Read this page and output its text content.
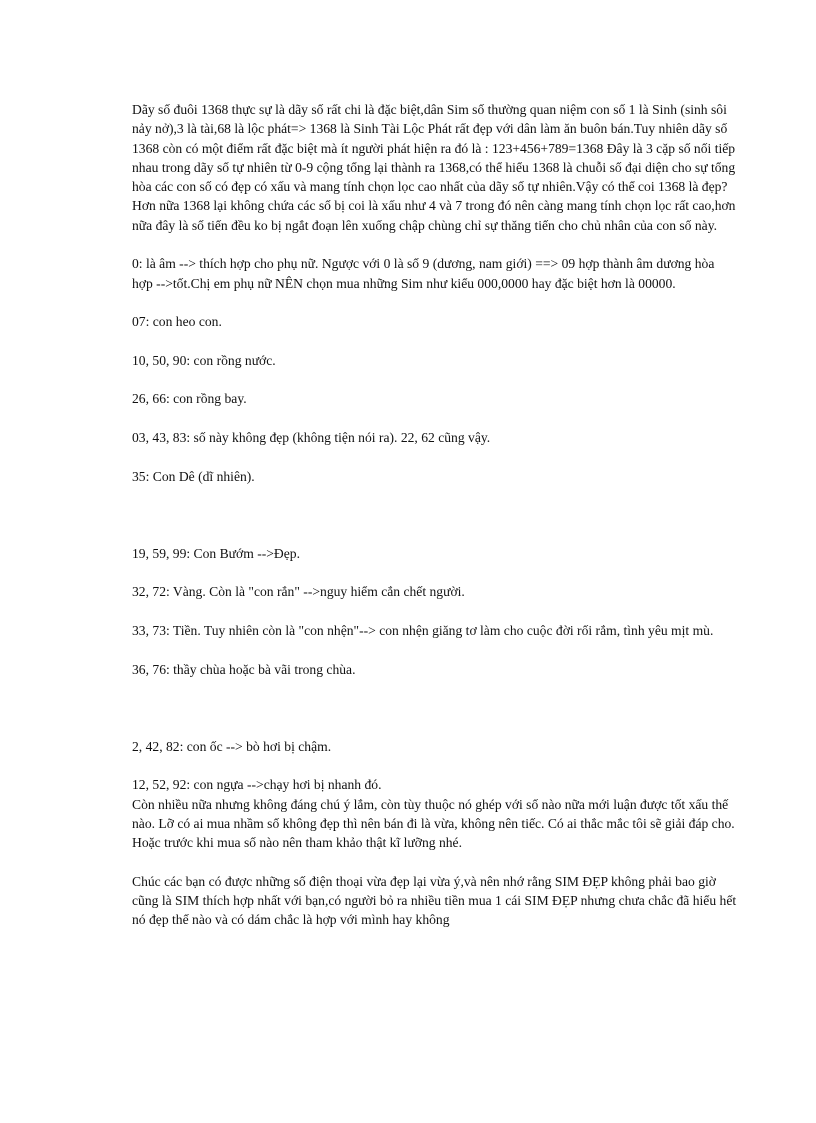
Dãy số đuôi 1368 thực sự là dãy số rất chi là đặc biệt,dân Sim số thường quan niệm con số 1 là Sinh (sinh sôi nảy nở),3 là tài,68 là lộc phát=> 1368 là Sinh Tài Lộc Phát rất đẹp với dân làm ăn buôn bán.Tuy nhiên dãy số 1368 còn có một điểm rất đặc biệt mà ít người phát hiện ra đó là : 123+456+789=1368 Đây là 3 cặp số nối tiếp nhau trong dãy số tự nhiên từ 0-9 cộng tổng lại thành ra 1368,có thể hiểu 1368 là chuỗi số đại diện cho sự tổng hòa các con số có đẹp có xấu và mang tính chọn lọc cao nhất của dãy số tự nhiên.Vậy có thể coi 1368 là đẹp? Hơn nữa 1368 lại không chứa các số bị coi là xấu như 4 và 7 trong đó nên càng mang tính chọn lọc rất cao,hơn nữa đây là số tiến đều ko bị ngắt đoạn lên xuống chập chùng chỉ sự thăng tiến cho chủ nhân của con số này.

0: là âm --> thích hợp cho phụ nữ. Ngược với 0 là số 9 (dương, nam giới) ==> 09 hợp thành âm dương hòa hợp -->tốt.Chị em phụ nữ NÊN chọn mua những Sim như kiểu 000,0000 hay đặc biệt hơn là 00000.

07: con heo con.

10, 50, 90: con rồng nước.

26, 66: con rồng bay.

03, 43, 83: số này không đẹp (không tiện nói ra). 22, 62 cũng vậy.

35: Con Dê (dĩ nhiên).

19, 59, 99: Con Bướm -->Đẹp.

32, 72: Vàng. Còn là "con rắn" -->nguy hiểm cắn chết người.

33, 73: Tiền. Tuy nhiên còn là "con nhện"--> con nhện giăng tơ làm cho cuộc đời rối rắm, tình yêu mịt mù.

36, 76: thầy chùa hoặc bà vãi trong chùa.

2, 42, 82: con ốc --> bò hơi bị chậm.

12, 52, 92: con ngựa -->chạy hơi bị nhanh đó.

Còn nhiều nữa nhưng không đáng chú ý lắm, còn tùy thuộc nó ghép với số nào nữa mới luận được tốt xấu thế nào. Lỡ có ai mua nhầm số không đẹp thì nên bán đi là vừa, không nên tiếc. Có ai thắc mắc tôi sẽ giải đáp cho. Hoặc trước khi mua số nào nên tham khảo thật kĩ lưỡng nhé.

Chúc các bạn có được những số điện thoại vừa đẹp lại vừa ý,và nên nhớ rằng SIM ĐẸP không phải bao giờ cũng là SIM thích hợp nhất với bạn,có người bỏ ra nhiều tiền mua 1 cái SIM ĐẸP nhưng chưa chắc đã hiểu hết nó đẹp thế nào và có dám chắc là hợp với mình hay không
